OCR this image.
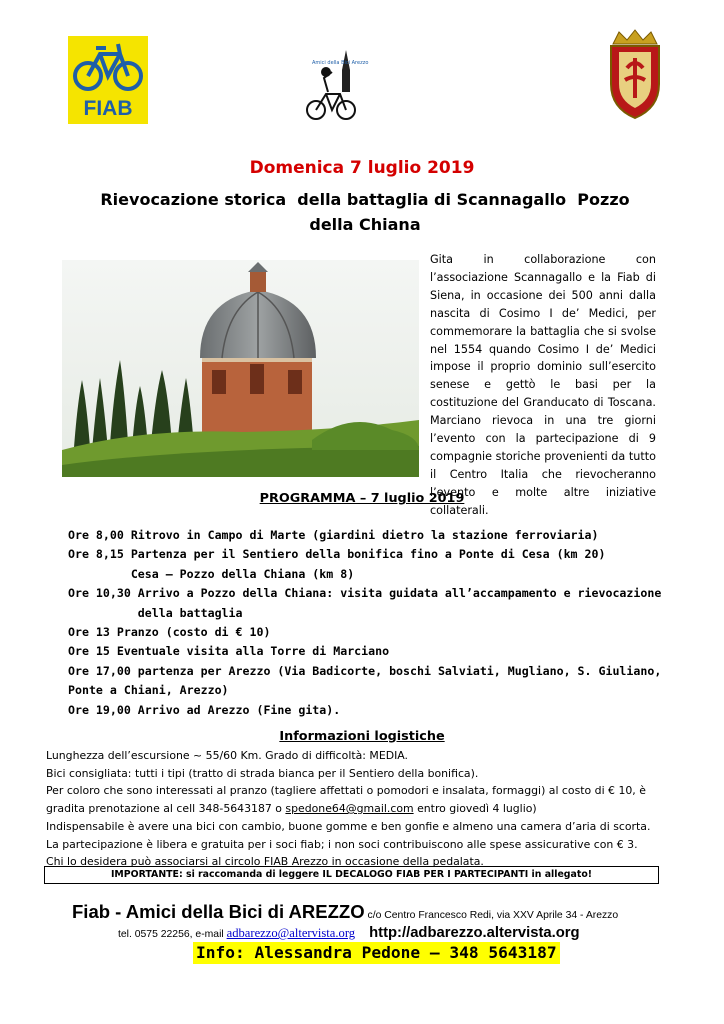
FIAB
Amici della Bici Arezzo
Domenica 7 luglio 2019
Rievocazione storica  della battaglia di Scannagallo  Pozzo
della Chiana
Gita in collaborazione con l’associazione Scannagallo e la Fiab di Siena, in occasione dei 500 anni dalla nascita di Cosimo I de’ Medici, per commemorare la battaglia che si svolse nel 1554 quando Cosimo I de’ Medici impose il proprio dominio sull’esercito senese e gettò le basi per la costituzione del Granducato di Toscana. Marciano rievoca in una tre giorni l’evento con la partecipazione di 9 compagnie storiche provenienti da tutto il Centro Italia che rievocheranno l’evento e molte altre iniziative collaterali.
PROGRAMMA – 7 luglio 2019
Ore 8,00 Ritrovo in Campo di Marte (giardini dietro la stazione ferroviaria)
Ore 8,15 Partenza per il Sentiero della bonifica fino a Ponte di Cesa (km 20)
Cesa – Pozzo della Chiana (km 8)
Ore 10,30 Arrivo a Pozzo della Chiana: visita guidata all’accampamento e rievocazione
della battaglia
Ore 13 Pranzo (costo di € 10)
Ore 15 Eventuale visita alla Torre di Marciano
Ore 17,00 partenza per Arezzo (Via Badicorte, boschi Salviati, Mugliano, S. Giuliano,
Ponte a Chiani, Arezzo)
Ore 19,00 Arrivo ad Arezzo (Fine gita).
Informazioni logistiche
Lunghezza dell’escursione ~ 55/60 Km. Grado di difficoltà: MEDIA.
Bici consigliata: tutti i tipi (tratto di strada bianca per il Sentiero della bonifica).
Per coloro che sono interessati al pranzo (tagliere affettati o pomodori e insalata, formaggi) al costo di € 10, è gradita prenotazione al cell 348-5643187 o spedone64@gmail.com entro giovedì 4 luglio)
Indispensabile è avere una bici con cambio, buone gomme e ben gonfie e almeno una camera d’aria di scorta.
La partecipazione è libera e gratuita per i soci fiab; i non soci contribuiscono alle spese assicurative con € 3. Chi lo desidera può associarsi al circolo FIAB Arezzo in occasione della pedalata.
IMPORTANTE: si raccomanda di leggere IL DECALOGO FIAB PER I PARTECIPANTI in allegato!
Fiab - Amici della Bici di AREZZO c/o Centro Francesco Redi, via XXV Aprile 34 - Arezzo
tel. 0575 22256, e-mail adbarezzo@altervista.org http://adbarezzo.altervista.org
Info: Alessandra Pedone – 348 5643187
